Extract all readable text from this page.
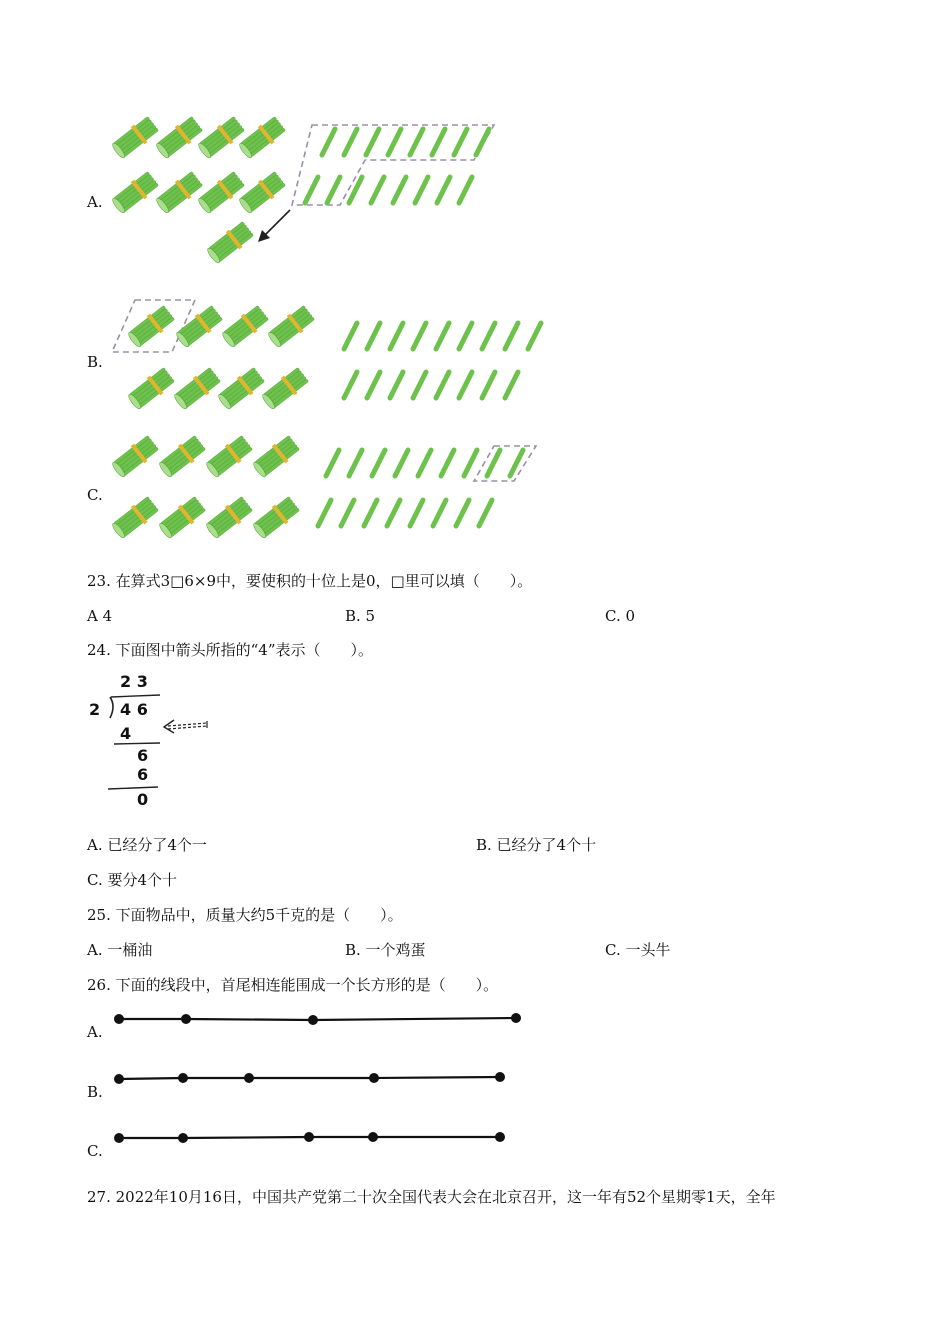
A.
B.
C.
23. 在算式3□6×9中，要使积的十位上是0，□里可以填（　　）。
A 4	B. 5	C. 0
24. 下面图中箭头所指的“4”表示（　　）。
2 3
2 4 6
4
6
6
0
A. 已经分了4个一	B. 已经分了4个十
C. 要分4个十
25. 下面物品中，质量大约5千克的是（　　）。
A. 一桶油	B. 一个鸡蛋	C. 一头牛
26. 下面的线段中，首尾相连能围成一个长方形的是（　　）。
A.
B.
C.
27. 2022年10月16日，中国共产党第二十次全国代表大会在北京召开，这一年有52个星期零1天，全年
